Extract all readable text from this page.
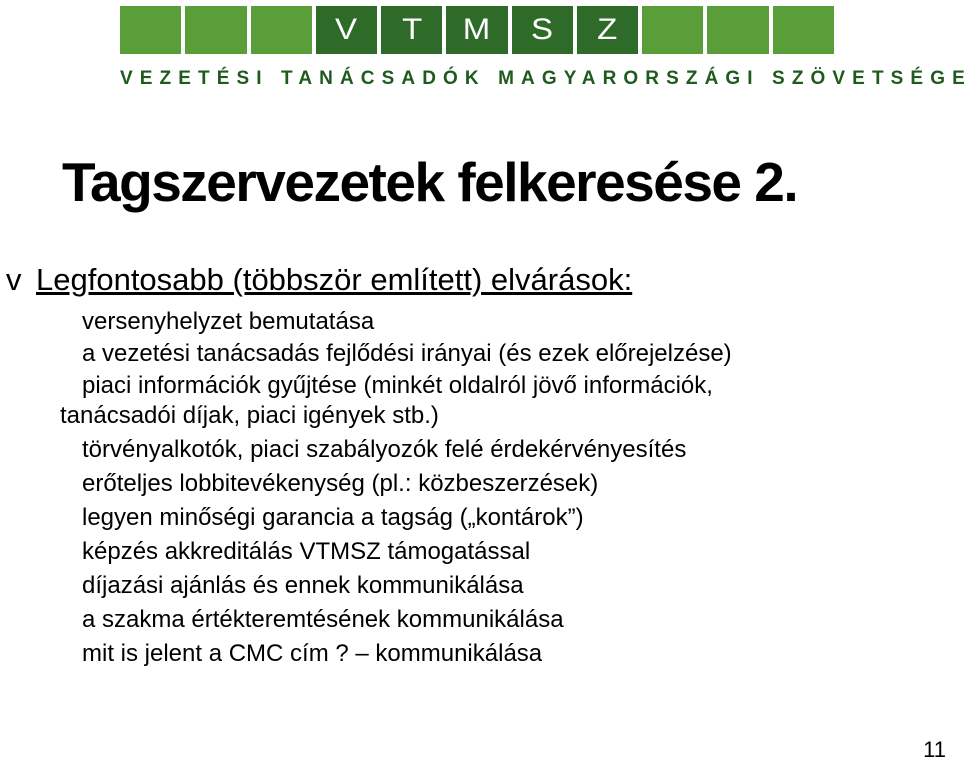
V T M S Z
VEZETÉSI TANÁCSADÓK MAGYARORSZÁGI SZÖVETSÉGE
Tagszervezetek felkeresése 2.
v Legfontosabb (többször említett) elvárások:
versenyhelyzet bemutatása
a vezetési tanácsadás fejlődési irányai (és ezek előrejelzése)
piaci információk gyűjtése (minkét oldalról jövő információk,
tanácsadói díjak, piaci igények stb.)
törvényalkotók, piaci szabályozók felé érdekérvényesítés
erőteljes lobbitevékenység (pl.: közbeszerzések)
legyen minőségi garancia a tagság („kontárok”)
képzés akkreditálás VTMSZ támogatással
díjazási ajánlás és ennek kommunikálása
a szakma értékteremtésének kommunikálása
mit is jelent a CMC cím ? – kommunikálása
11
